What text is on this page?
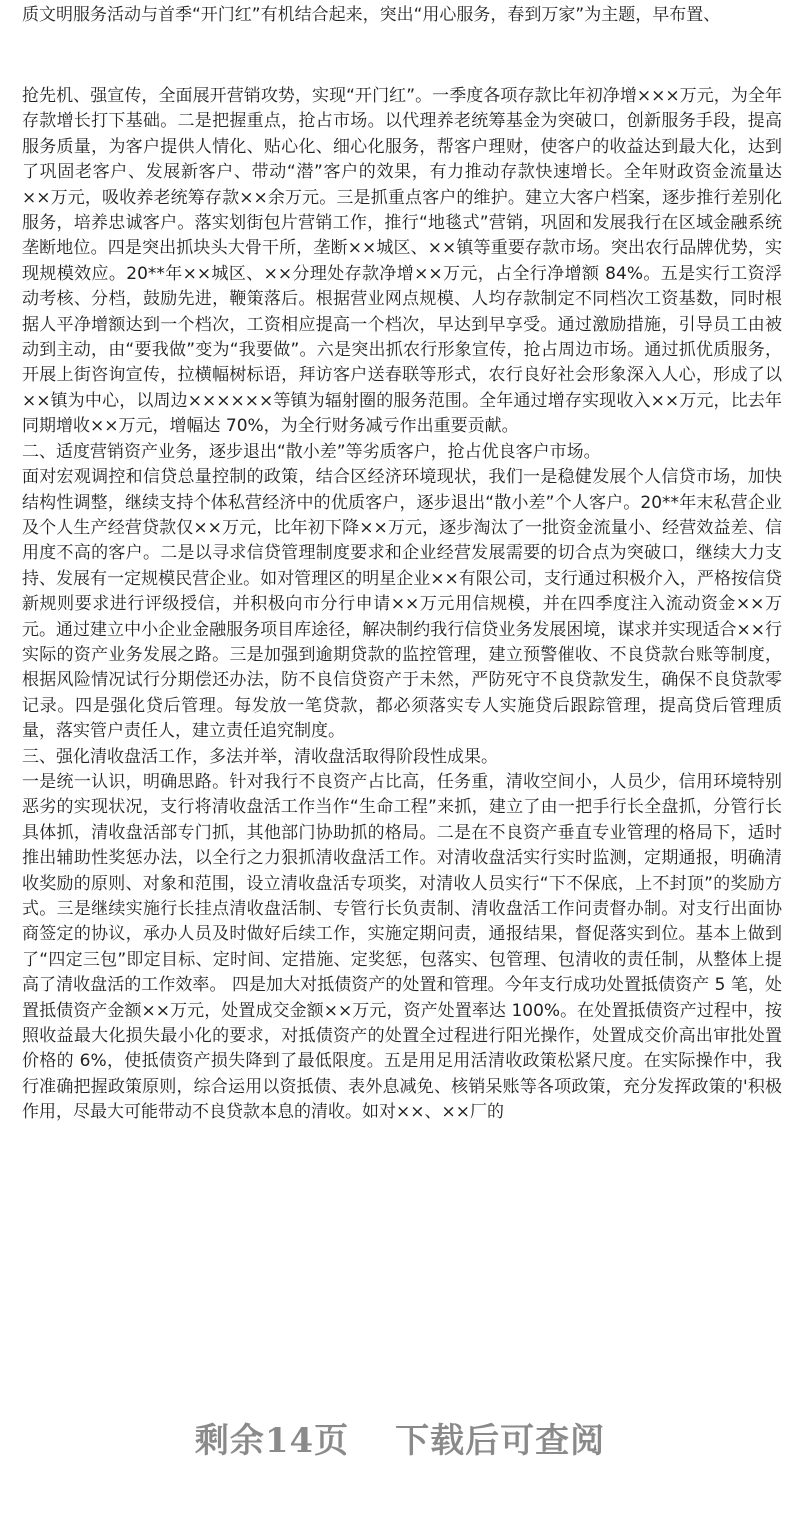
质文明服务活动与首季“开门红”有机结合起来，突出“用心服务，春到万家”为主题，早布置、

抢先机、强宣传，全面展开营销攻势，实现“开门红”。一季度各项存款比年初净增×××万元，为全年存款增长打下基础。二是把握重点，抢占市场。以代理养老统筹基金为突破口，创新服务手段，提高服务质量，为客户提供人情化、贴心化、细心化服务，帮客户理财，使客户的收益达到最大化，达到了巩固老客户、发展新客户、带动“潜”客户的效果，有力推动存款快速增长。全年财政资金流量达××万元，吸收养老统筹存款××余万元。三是抓重点客户的维护。建立大客户档案，逐步推行差别化服务，培养忠诚客户。落实划街包片营销工作，推行“地毯式”营销，巩固和发展我行在区域金融系统垄断地位。四是突出抓块头大骨干所，垄断××城区、××镇等重要存款市场。突出农行品牌优势，实现规模效应。20**年××城区、××分理处存款净增××万元，占全行净增额 84%。五是实行工资浮动考核、分档，鼓励先进，鞭策落后。根据营业网点规模、人均存款制定不同档次工资基数，同时根据人平净增额达到一个档次，工资相应提高一个档次，早达到早享受。通过激励措施，引导员工由被动到主动，由“要我做”变为“我要做”。六是突出抓农行形象宣传，抢占周边市场。通过抓优质服务，开展上街咨询宣传，拉横幅树标语，拜访客户送春联等形式，农行良好社会形象深入人心，形成了以××镇为中心，以周边××××××等镇为辐射圈的服务范围。全年通过增存实现收入××万元，比去年同期增收××万元，增幅达 70%，为全行财务减亏作出重要贡献。

二、适度营销资产业务，逐步退出“散小差”等劣质客户，抢占优良客户市场。

面对宏观调控和信贷总量控制的政策，结合区经济环境现状，我们一是稳健发展个人信贷市场，加快结构性调整，继续支持个体私营经济中的优质客户，逐步退出“散小差”个人客户。20**年末私营企业及个人生产经营贷款仅××万元，比年初下降××万元，逐步淘汰了一批资金流量小、经营效益差、信用度不高的客户。二是以寻求信贷管理制度要求和企业经营发展需要的切合点为突破口，继续大力支持、发展有一定规模民营企业。如对管理区的明星企业××有限公司，支行通过积极介入，严格按信贷新规则要求进行评级授信，并积极向市分行申请××万元用信规模，并在四季度注入流动资金××万元。通过建立中小企业金融服务项目库途径，解决制约我行信贷业务发展困境，谋求并实现适合××行实际的资产业务发展之路。三是加强到逾期贷款的监控管理，建立预警催收、不良贷款台账等制度，根据风险情况试行分期偿还办法，防不良信贷资产于未然，严防死守不良贷款发生，确保不良贷款零记录。四是强化贷后管理。每发放一笔贷款，都必须落实专人实施贷后跟踪管理，提高贷后管理质量，落实管户责任人，建立责任追究制度。

三、强化清收盘活工作，多法并举，清收盘活取得阶段性成果。

一是统一认识，明确思路。针对我行不良资产占比高，任务重，清收空间小，人员少，信用环境特别恶劣的实现状况，支行将清收盘活工作当作“生命工程”来抓，建立了由一把手行长全盘抓，分管行长具体抓，清收盘活部专门抓，其他部门协助抓的格局。二是在不良资产垂直专业管理的格局下，适时推出辅助性奖惩办法，以全行之力狠抓清收盘活工作。对清收盘活实行实时监测，定期通报，明确清收奖励的原则、对象和范围，设立清收盘活专项奖，对清收人员实行“下不保底，上不封顶”的奖励方式。三是继续实施行长挂点清收盘活制、专管行长负责制、清收盘活工作问责督办制。对支行出面协商签定的协议，承办人员及时做好后续工作，实施定期问责，通报结果，督促落实到位。基本上做到了“四定三包”即定目标、定时间、定措施、定奖惩，包落实、包管理、包清收的责任制，从整体上提高了清收盘活的工作效率。 四是加大对抵债资产的处置和管理。今年支行成功处置抵债资产 5 笔，处置抵债资产金额××万元，处置成交金额××万元，资产处置率达 100%。在处置抵债资产过程中，按照收益最大化损失最小化的要求，对抵债资产的处置全过程进行阳光操作，处置成交价高出审批处置价格的 6%，使抵债资产损失降到了最低限度。五是用足用活清收政策松紧尺度。在实际操作中，我行准确把握政策原则，综合运用以资抵债、表外息减免、核销呆账等各项政策，充分发挥政策的'积极作用，尽最大可能带动不良贷款本息的清收。如对××、××厂的

剩余14页 下载后可查阅
